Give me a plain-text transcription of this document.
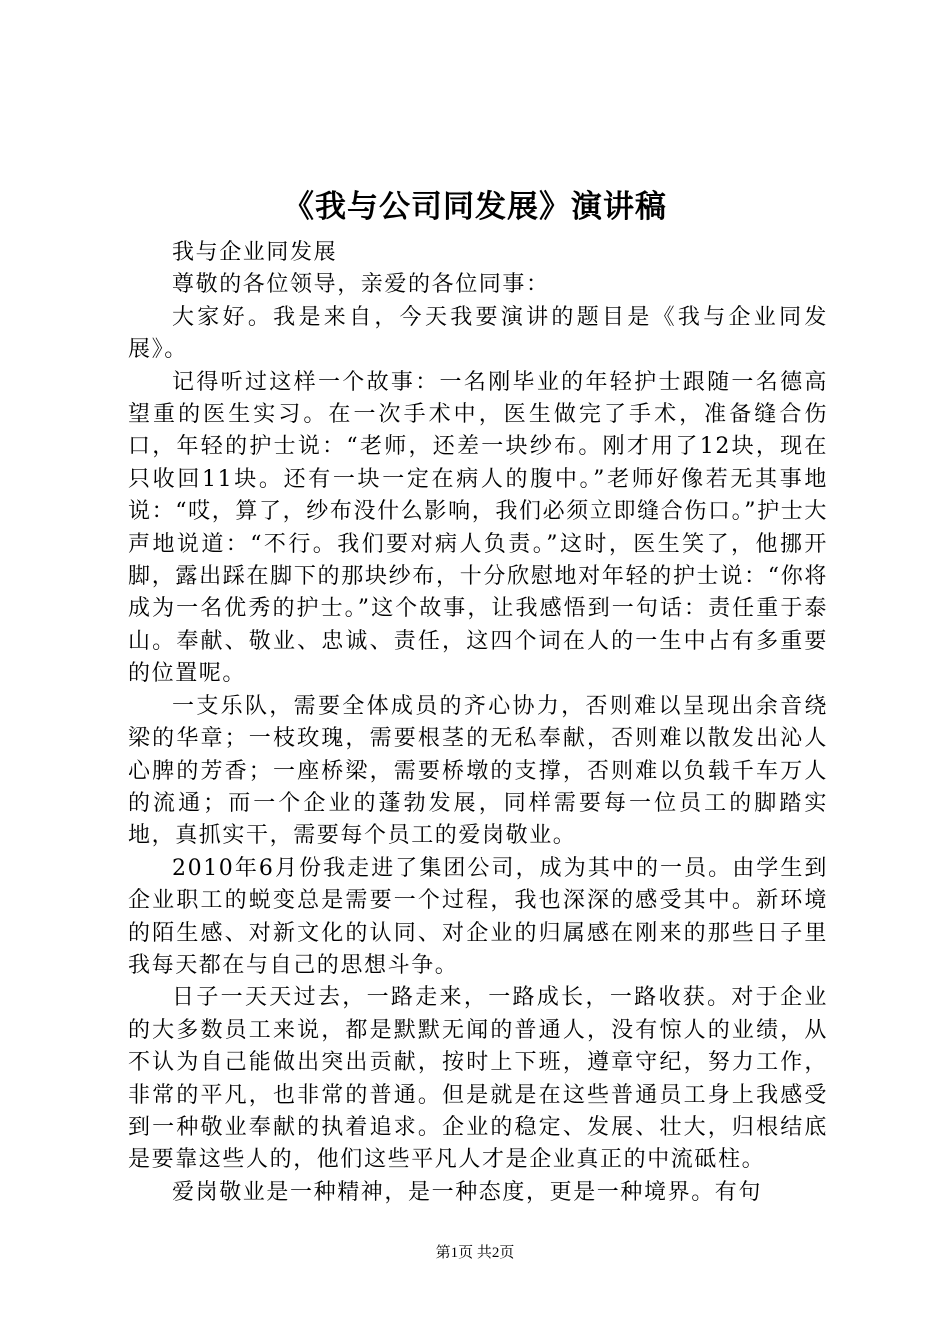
《我与公司同发展》演讲稿

我与企业同发展

尊敬的各位领导，亲爱的各位同事：

大家好。我是来自，今天我要演讲的题目是《我与企业同发展》。

记得听过这样一个故事：一名刚毕业的年轻护士跟随一名德高望重的医生实习。在一次手术中，医生做完了手术，准备缝合伤口，年轻的护士说：“老师，还差一块纱布。刚才用了12块，现在只收回11块。还有一块一定在病人的腹中。”老师好像若无其事地说：“哎，算了，纱布没什么影响，我们必须立即缝合伤口。”护士大声地说道：“不行。我们要对病人负责。”这时，医生笑了，他挪开脚，露出踩在脚下的那块纱布，十分欣慰地对年轻的护士说：“你将成为一名优秀的护士。”这个故事，让我感悟到一句话：责任重于泰山。奉献、敬业、忠诚、责任，这四个词在人的一生中占有多重要的位置呢。

一支乐队，需要全体成员的齐心协力，否则难以呈现出余音绕梁的华章；一枝玫瑰，需要根茎的无私奉献，否则难以散发出沁人心脾的芳香；一座桥梁，需要桥墩的支撑，否则难以负载千车万人的流通；而一个企业的蓬勃发展，同样需要每一位员工的脚踏实地，真抓实干，需要每个员工的爱岗敬业。

2010年6月份我走进了集团公司，成为其中的一员。由学生到企业职工的蜕变总是需要一个过程，我也深深的感受其中。新环境的陌生感、对新文化的认同、对企业的归属感在刚来的那些日子里我每天都在与自己的思想斗争。

日子一天天过去，一路走来，一路成长，一路收获。对于企业的大多数员工来说，都是默默无闻的普通人，没有惊人的业绩，从不认为自己能做出突出贡献，按时上下班，遵章守纪，努力工作，非常的平凡，也非常的普通。但是就是在这些普通员工身上我感受到一种敬业奉献的执着追求。企业的稳定、发展、壮大，归根结底是要靠这些人的，他们这些平凡人才是企业真正的中流砥柱。

爱岗敬业是一种精神，是一种态度，更是一种境界。有句

第1页 共2页
